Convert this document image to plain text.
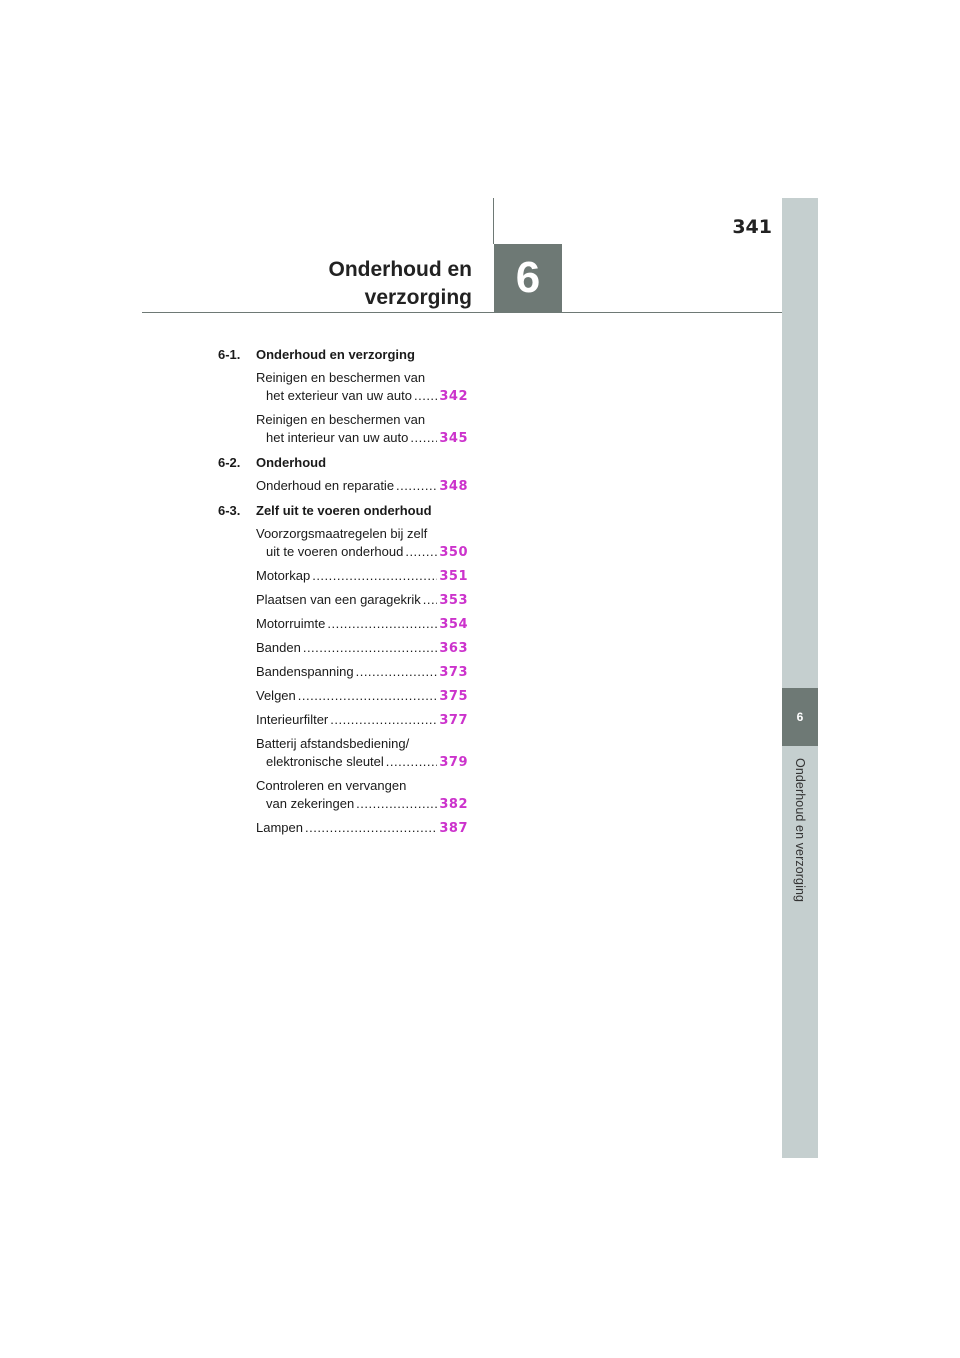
6
Onderhoud en verzorging
341
Onderhoud en
verzorging 6
6-1.	Onderhoud en verzorging
Reinigen en beschermen van
het exterieur van uw auto ..... 342
Reinigen en beschermen van
het interieur van uw auto ..... 345
6-2.	Onderhoud
Onderhoud en reparatie .....	348
6-3.	Zelf uit te voeren onderhoud
Voorzorgsmaatregelen bij zelf
uit te voeren onderhoud .....	350
Motorkap .....	351
Plaatsen van een garagekrik ..... 353
Motorruimte .....	354
Banden .....	363
Bandenspanning .....	373
Velgen .....	375
Interieurfilter .....	377
Batterij afstandsbediening/
elektronische sleutel .....	379
Controleren en vervangen
van zekeringen .....	382
Lampen .....	387
